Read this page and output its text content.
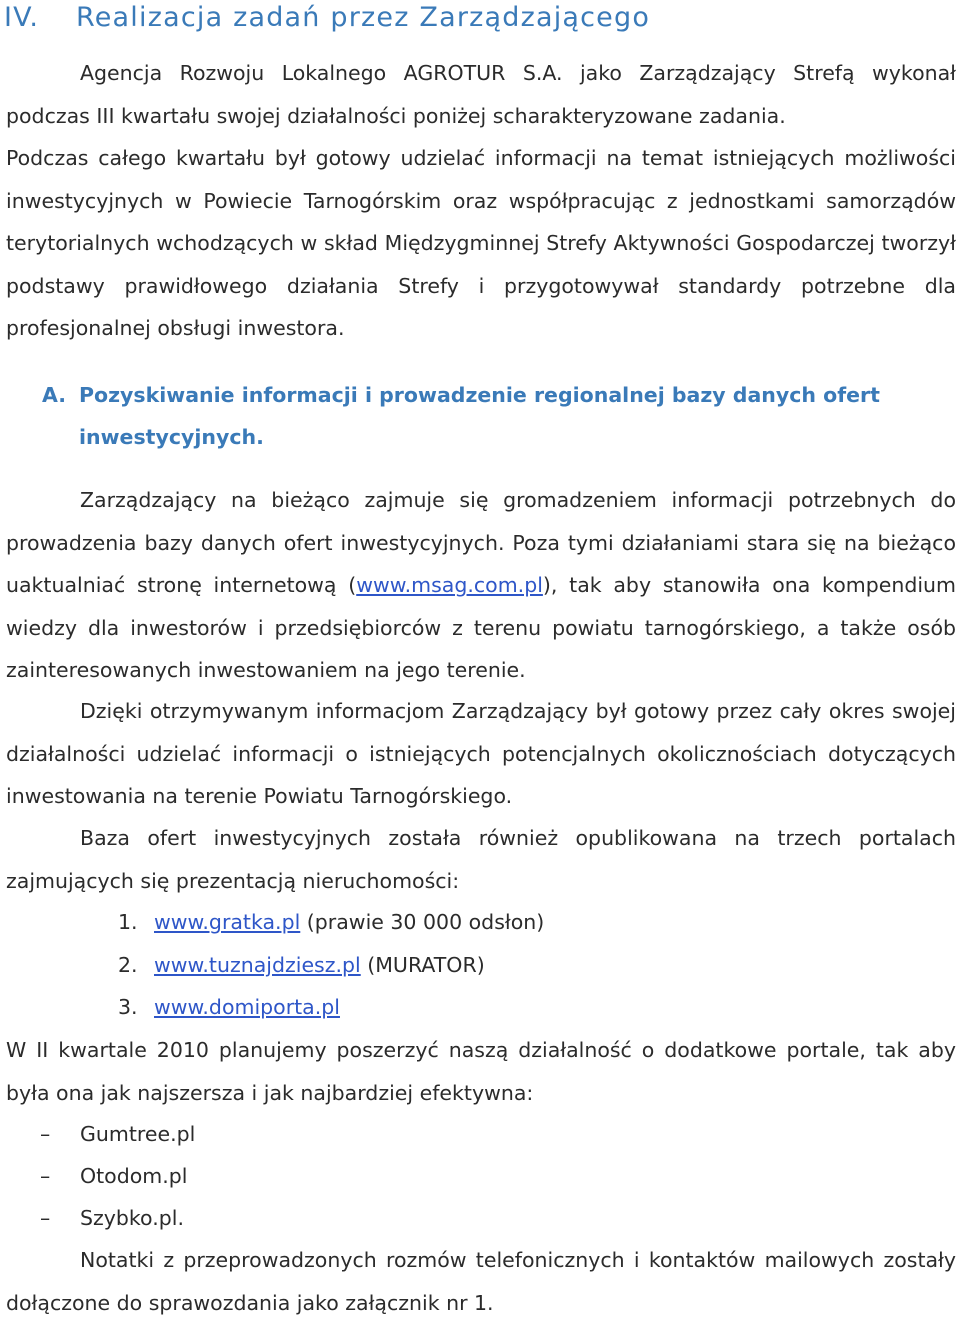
IV. Realizacja zadań przez Zarządzającego
Agencja Rozwoju Lokalnego AGROTUR S.A. jako Zarządzający Strefą wykonał podczas III kwartału swojej działalności poniżej scharakteryzowane zadania.
Podczas całego kwartału był gotowy udzielać informacji na temat istniejących możliwości inwestycyjnych w Powiecie Tarnogórskim oraz współpracując z jednostkami samorządów terytorialnych wchodzących w skład Międzygminnej Strefy Aktywności Gospodarczej tworzył podstawy prawidłowego działania Strefy i przygotowywał standardy potrzebne dla profesjonalnej obsługi inwestora.
A. Pozyskiwanie informacji i prowadzenie regionalnej bazy danych ofert
inwestycyjnych.
Zarządzający na bieżąco zajmuje się gromadzeniem informacji potrzebnych do prowadzenia bazy danych ofert inwestycyjnych. Poza tymi działaniami stara się na bieżąco uaktualniać stronę internetową (www.msag.com.pl), tak aby stanowiła ona kompendium wiedzy dla inwestorów i przedsiębiorców z terenu powiatu tarnogórskiego, a także osób zainteresowanych inwestowaniem na jego terenie.
Dzięki otrzymywanym informacjom Zarządzający był gotowy przez cały okres swojej działalności udzielać informacji o istniejących potencjalnych okolicznościach dotyczących inwestowania na terenie Powiatu Tarnogórskiego.
Baza ofert inwestycyjnych została również opublikowana na trzech portalach zajmujących się prezentacją nieruchomości:
1. www.gratka.pl (prawie 30 000 odsłon)
2. www.tuznajdziesz.pl (MURATOR)
3. www.domiporta.pl
W II kwartale 2010 planujemy poszerzyć naszą działalność o dodatkowe portale, tak aby była ona jak najszersza i jak najbardziej efektywna:
– Gumtree.pl
– Otodom.pl
– Szybko.pl.
Notatki z przeprowadzonych rozmów telefonicznych i kontaktów mailowych zostały dołączone do sprawozdania jako załącznik nr 1.
